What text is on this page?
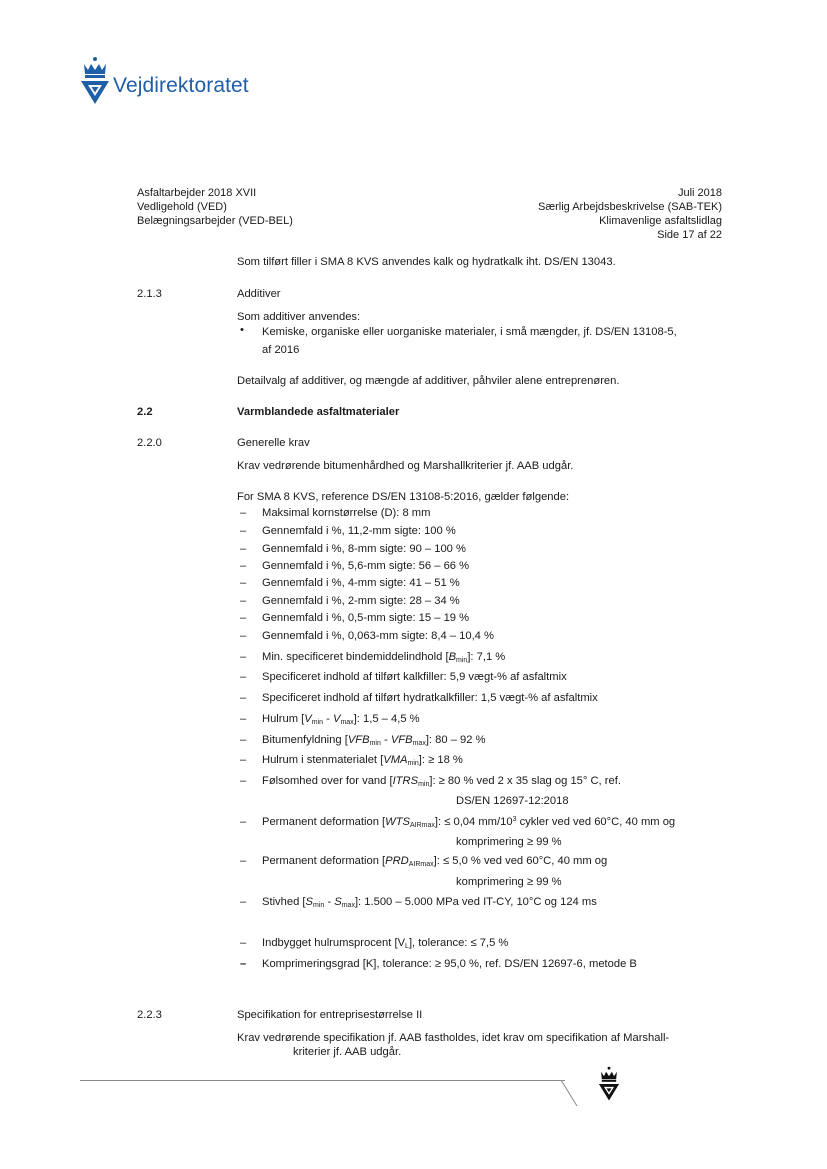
Vejdirektoratet
Asfaltarbejder 2018 XVII
Vedligehold (VED)
Belægningsarbejder (VED-BEL)
Juli 2018
Særlig Arbejdsbeskrivelse (SAB-TEK)
Klimavenlige asfaltslidlag
Side 17 af 22
Som tilført filler i SMA 8 KVS anvendes kalk og hydratkalk iht. DS/EN 13043.
2.1.3	Additiver
Som additiver anvendes:
• Kemiske, organiske eller uorganiske materialer, i små mængder, jf. DS/EN 13108-5,
af 2016
Detailvalg af additiver, og mængde af additiver, påhviler alene entreprenøren.
2.2	Varmblandede asfaltmaterialer
2.2.0	Generelle krav
Krav vedrørende bitumenhårdhed og Marshallkriterier jf. AAB udgår.
For SMA 8 KVS, reference DS/EN 13108-5:2016, gælder følgende:
– Maksimal kornstørrelse (D): 8 mm
– Gennemfald i %, 11,2-mm sigte: 100 %
– Gennemfald i %, 8-mm sigte: 90 – 100 %
– Gennemfald i %, 5,6-mm sigte: 56 – 66 %
– Gennemfald i %, 4-mm sigte: 41 – 51 %
– Gennemfald i %, 2-mm sigte: 28 – 34 %
– Gennemfald i %, 0,5-mm sigte: 15 – 19 %
– Gennemfald i %, 0,063-mm sigte: 8,4 – 10,4 %
– Min. specificeret bindemiddelindhold $[B_{min}]$: 7,1 %
– Specificeret indhold af tilført kalkfiller: 5,9 vægt-% af asfaltmix
– Specificeret indhold af tilført hydratkalkfiller: 1,5 vægt-% af asfaltmix
– Hulrum $[V_{min} - V_{max}]$: 1,5 – 4,5 %
– Bitumenfyldning $[VFB_{min} - VFB_{max}]$: 80 – 92 %
– Hulrum i stenmaterialet $[VMA_{min}]$: ≥ 18 %
– Følsomhed over for vand $[ITRS_{min}]$: ≥ 80 % ved 2 x 35 slag og 15° C, ref.
DS/EN 12697-12:2018
– Permanent deformation $[WTS_{AIRmax}]$: ≤ 0,04 $mm/10^3$ cykler ved ved 60°C, 40 mm og
komprimering ≥ 99 %
– Permanent deformation $[PRD_{AIRmax}]$: ≤ 5,0 % ved ved 60°C, 40 mm og
komprimering ≥ 99 %
– Stivhed $[S_{min} - S_{max}]$: 1.500 – 5.000 MPa ved IT-CY, 10°C og 124 ms
– Indbygget hulrumsprocent $[V_L]$, tolerance: ≤ 7,5 %
– Komprimeringsgrad [K], tolerance: ≥ 95,0 %, ref. DS/EN 12697-6, metode B
2.2.3	Specifikation for entreprisestørrelse II
Krav vedrørende specifikation jf. AAB fastholdes, idet krav om specifikation af Marshall-
kriterier jf. AAB udgår.
